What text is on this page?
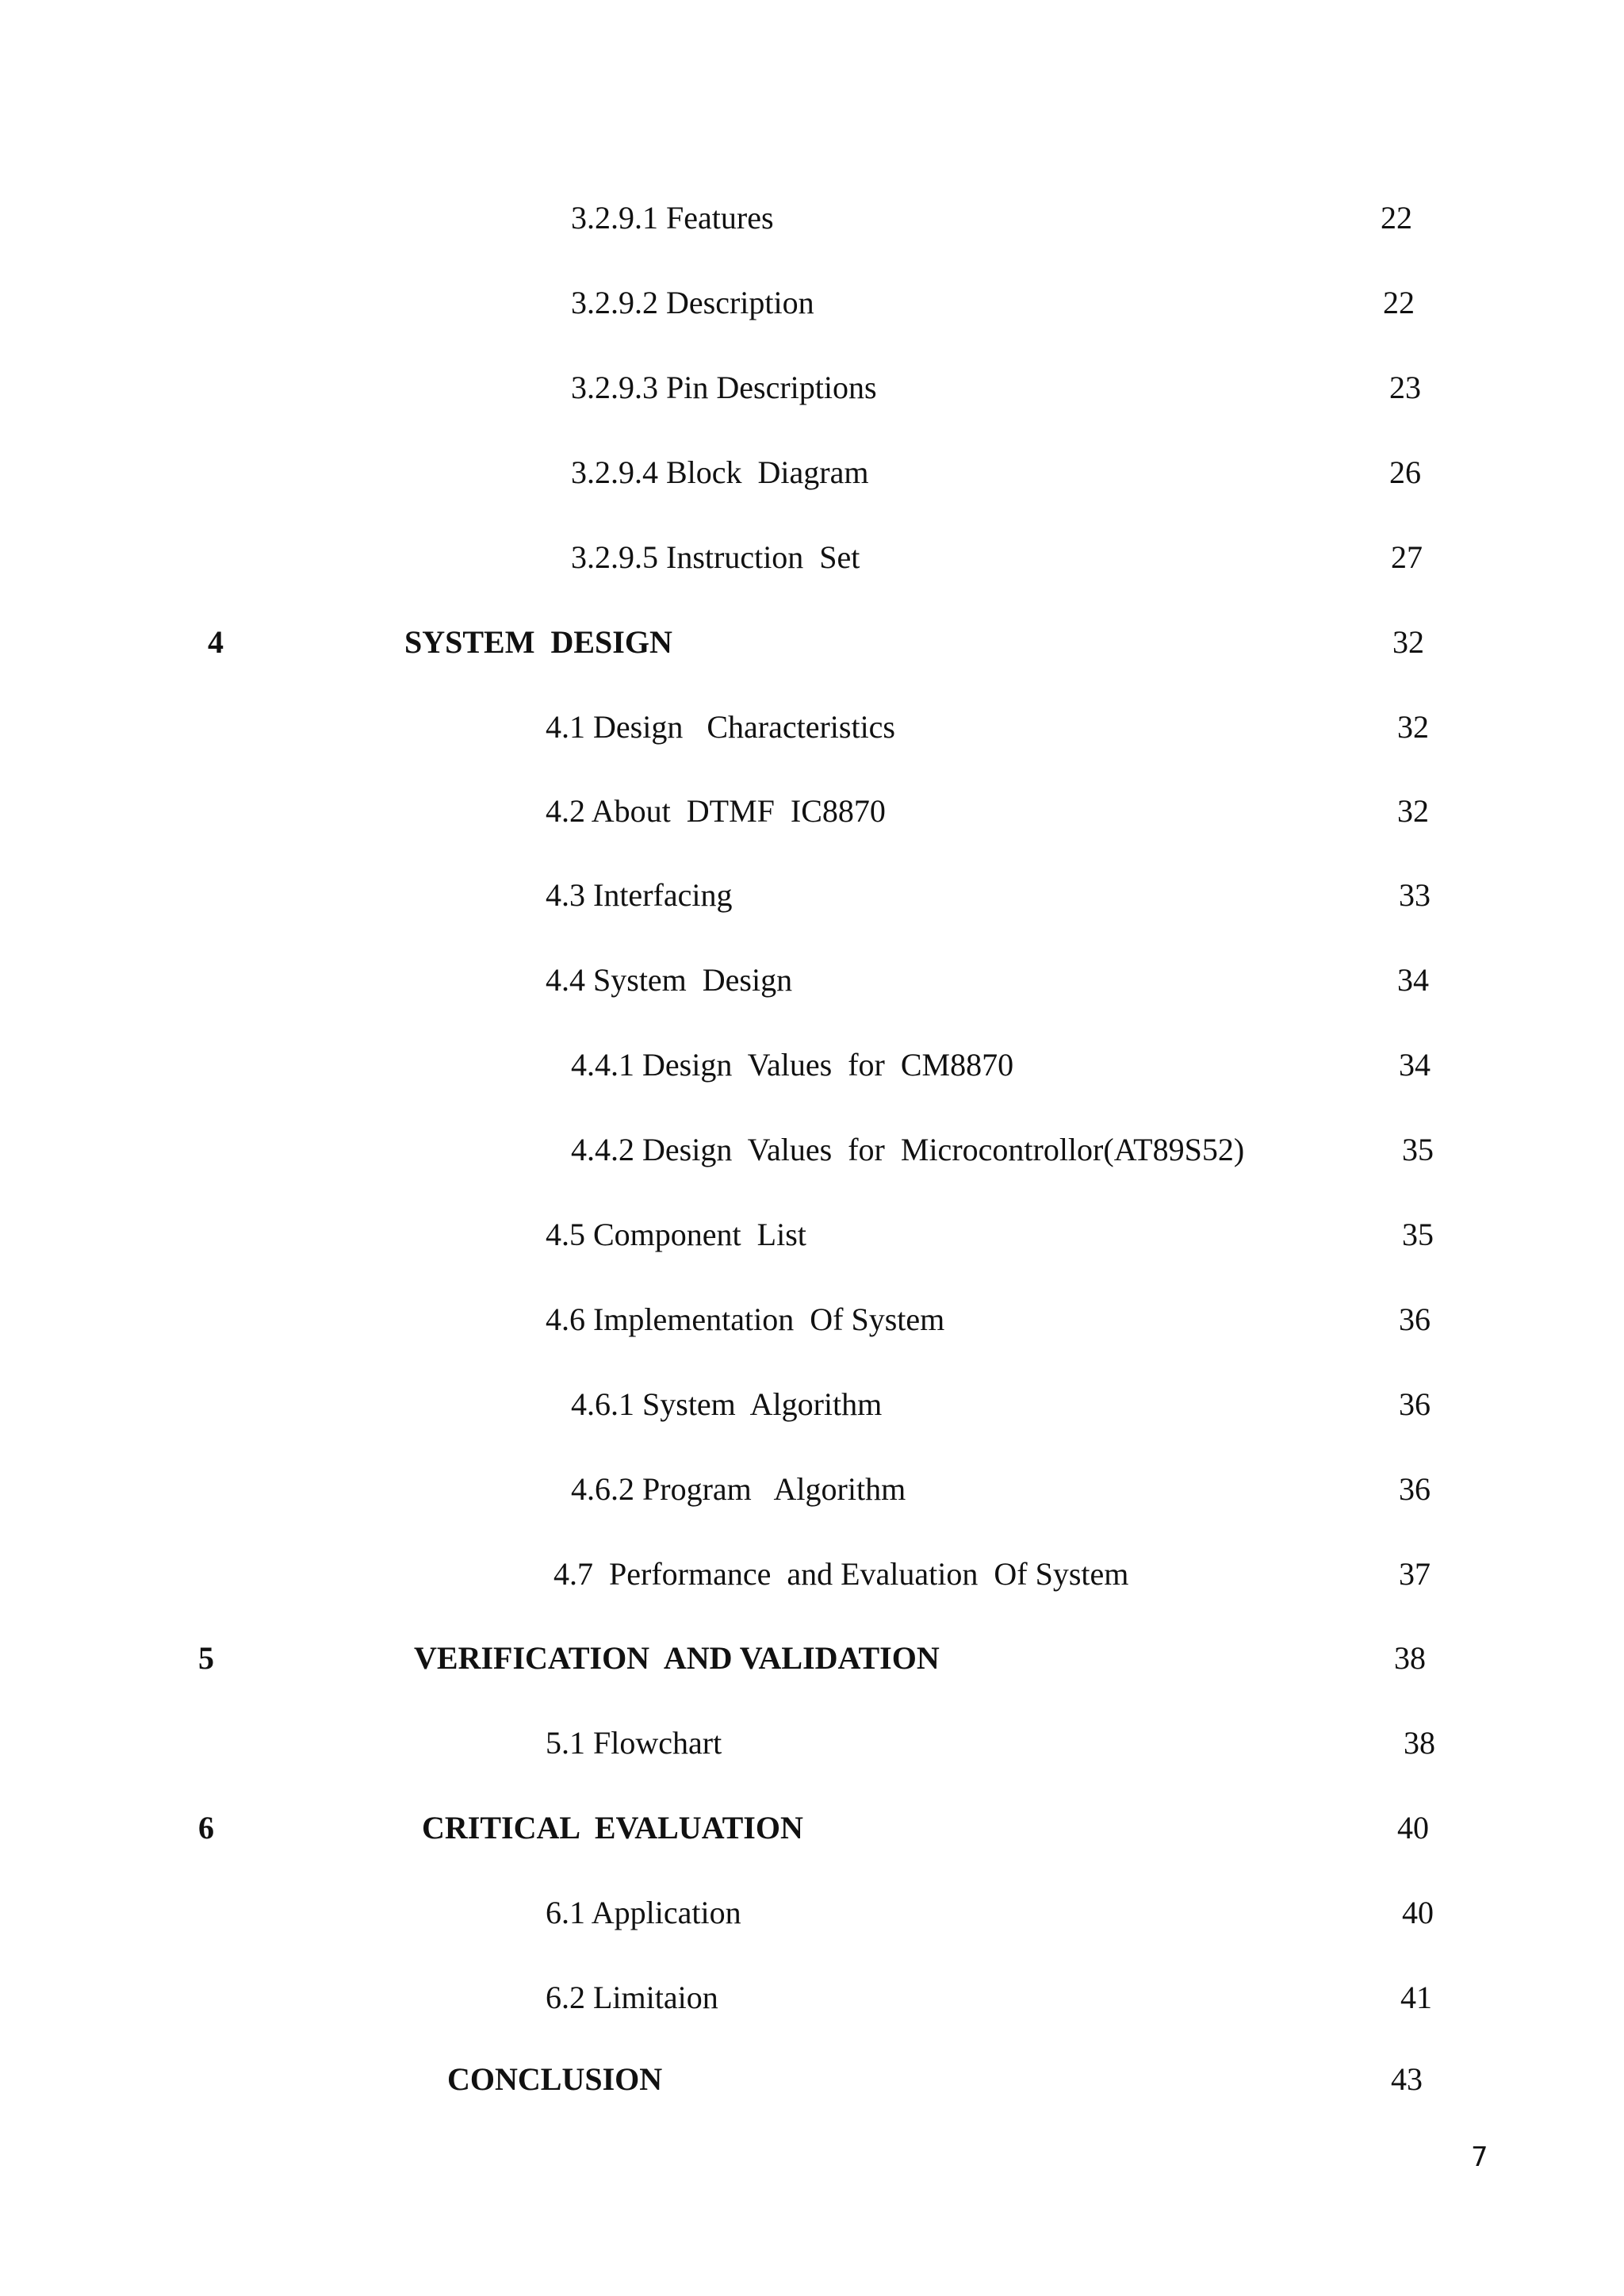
3.2.9.1 Features	22
3.2.9.2 Description	22
3.2.9.3 Pin Descriptions	23
3.2.9.4 Block  Diagram	26
3.2.9.5 Instruction  Set	27
4	SYSTEM  DESIGN	32
4.1 Design   Characteristics	32
4.2 About  DTMF  IC8870	32
4.3 Interfacing	33
4.4 System  Design	34
4.4.1 Design  Values  for  CM8870	34
4.4.2 Design  Values  for  Microcontrollor(AT89S52)	35
4.5 Component  List	35
4.6 Implementation  Of System	36
4.6.1 System  Algorithm	36
4.6.2 Program   Algorithm	36
4.7  Performance  and Evaluation  Of System	37
5	VERIFICATION  AND VALIDATION	38
5.1 Flowchart	38
6	CRITICAL  EVALUATION	40
6.1 Application	40
6.2 Limitaion	41
CONCLUSION	43
7
